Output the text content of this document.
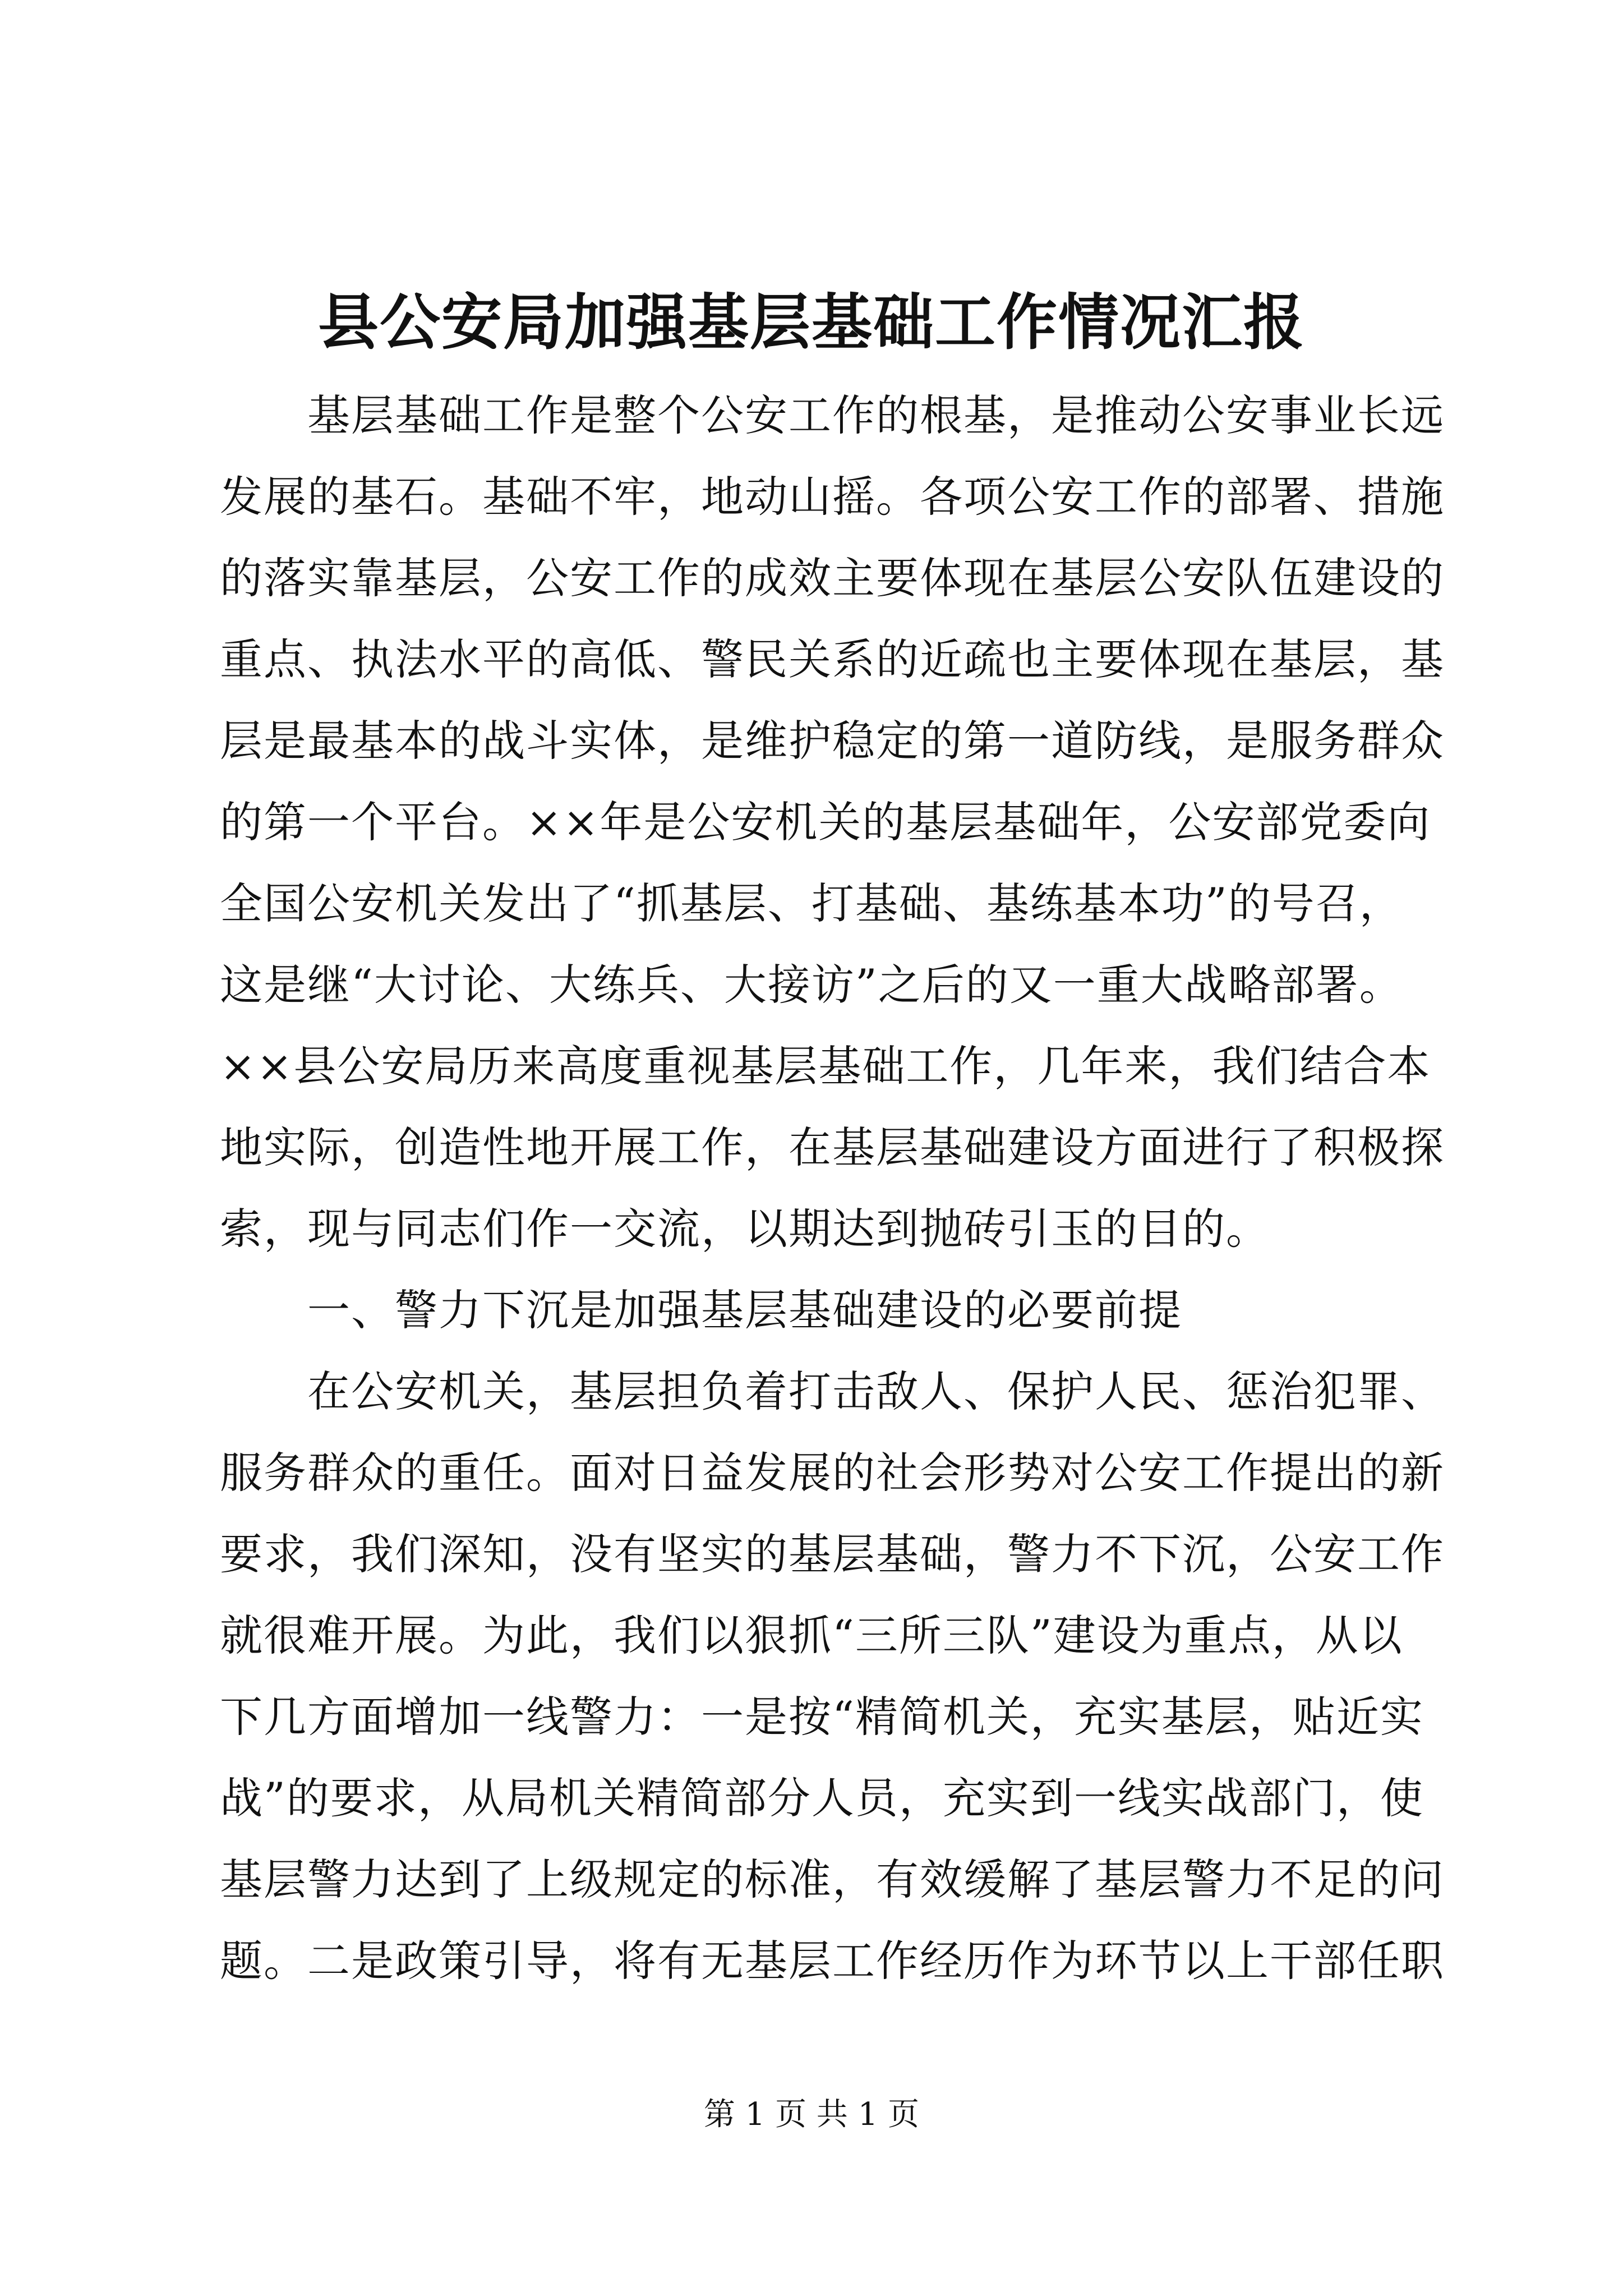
县公安局加强基层基础工作情况汇报
　　基层基础工作是整个公安工作的根基，是推动公安事业长远
发展的基石。基础不牢，地动山摇。各项公安工作的部署、措施
的落实靠基层，公安工作的成效主要体现在基层公安队伍建设的
重点、执法水平的高低、警民关系的近疏也主要体现在基层，基
层是最基本的战斗实体，是维护稳定的第一道防线，是服务群众
的第一个平台。××年是公安机关的基层基础年，公安部党委向
全国公安机关发出了“抓基层、打基础、基练基本功”的号召，
这是继“大讨论、大练兵、大接访”之后的又一重大战略部署。
××县公安局历来高度重视基层基础工作，几年来，我们结合本
地实际，创造性地开展工作，在基层基础建设方面进行了积极探
索，现与同志们作一交流，以期达到抛砖引玉的目的。
　　一、警力下沉是加强基层基础建设的必要前提
　　在公安机关，基层担负着打击敌人、保护人民、惩治犯罪、
服务群众的重任。面对日益发展的社会形势对公安工作提出的新
要求，我们深知，没有坚实的基层基础，警力不下沉，公安工作
就很难开展。为此，我们以狠抓“三所三队”建设为重点，从以
下几方面增加一线警力：一是按“精简机关，充实基层，贴近实
战”的要求，从局机关精简部分人员，充实到一线实战部门，使
基层警力达到了上级规定的标准，有效缓解了基层警力不足的问
题。二是政策引导，将有无基层工作经历作为环节以上干部任职
第 1 页 共 1 页
